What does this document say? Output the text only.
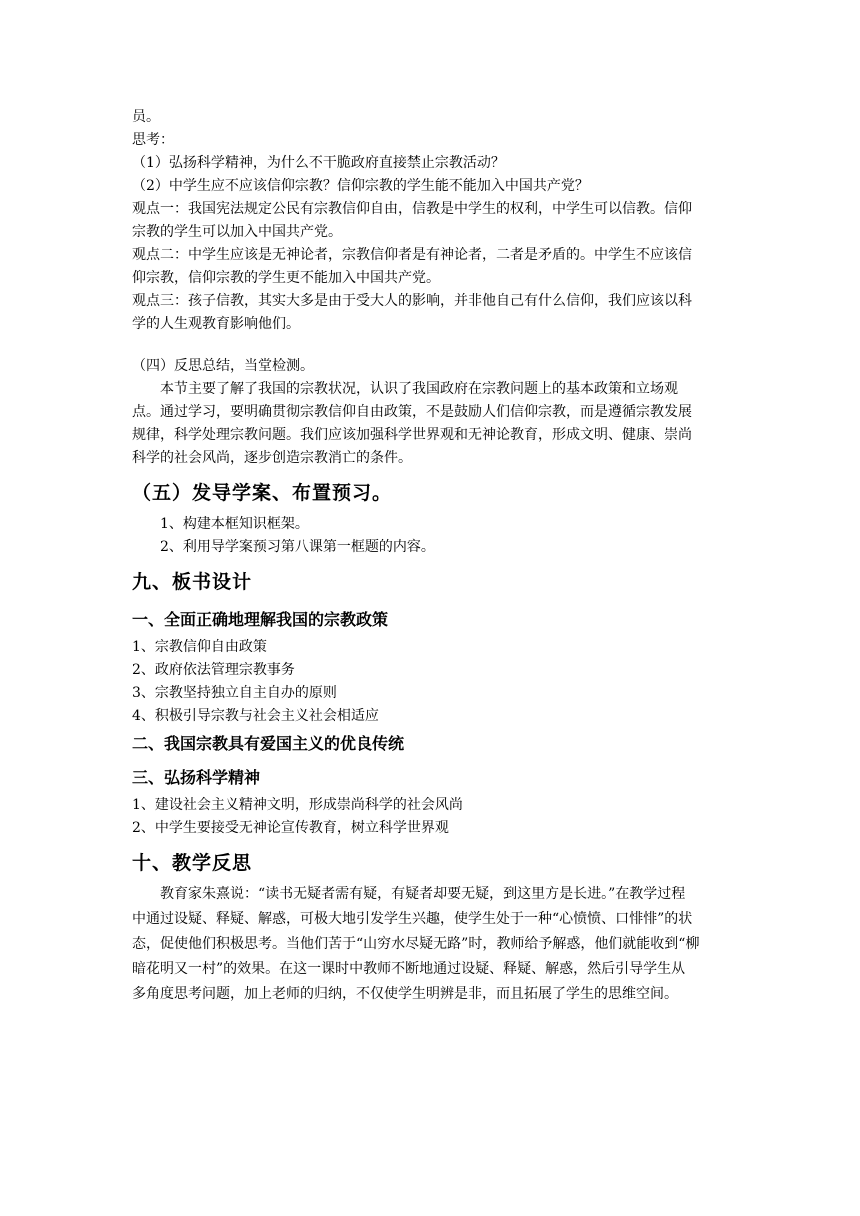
员。
思考：
（1）弘扬科学精神，为什么不干脆政府直接禁止宗教活动？
（2）中学生应不应该信仰宗教？信仰宗教的学生能不能加入中国共产党？
观点一：我国宪法规定公民有宗教信仰自由，信教是中学生的权利，中学生可以信教。信仰
宗教的学生可以加入中国共产党。
观点二：中学生应该是无神论者，宗教信仰者是有神论者，二者是矛盾的。中学生不应该信
仰宗教，信仰宗教的学生更不能加入中国共产党。
观点三：孩子信教，其实大多是由于受大人的影响，并非他自己有什么信仰，我们应该以科
学的人生观教育影响他们。
（四）反思总结，当堂检测。
本节主要了解了我国的宗教状况，认识了我国政府在宗教问题上的基本政策和立场观
点。通过学习，要明确贯彻宗教信仰自由政策，不是鼓励人们信仰宗教，而是遵循宗教发展
规律，科学处理宗教问题。我们应该加强科学世界观和无神论教育，形成文明、健康、崇尚
科学的社会风尚，逐步创造宗教消亡的条件。
（五）发导学案、布置预习。
1、构建本框知识框架。
2、利用导学案预习第八课第一框题的内容。
九、板书设计
一、全面正确地理解我国的宗教政策
1、宗教信仰自由政策
2、政府依法管理宗教事务
3、宗教坚持独立自主自办的原则
4、积极引导宗教与社会主义社会相适应
二、我国宗教具有爱国主义的优良传统
三、弘扬科学精神
1、建设社会主义精神文明，形成崇尚科学的社会风尚
2、中学生要接受无神论宣传教育，树立科学世界观
十、教学反思
教育家朱熹说：“读书无疑者需有疑，有疑者却要无疑，到这里方是长进。”在教学过程
中通过设疑、释疑、解惑，可极大地引发学生兴趣，使学生处于一种“心愤愤、口悱悱”的状
态，促使他们积极思考。当他们苦于“山穷水尽疑无路”时，教师给予解惑，他们就能收到“柳
暗花明又一村”的效果。在这一课时中教师不断地通过设疑、释疑、解惑，然后引导学生从
多角度思考问题，加上老师的归纳，不仅使学生明辨是非，而且拓展了学生的思维空间。
